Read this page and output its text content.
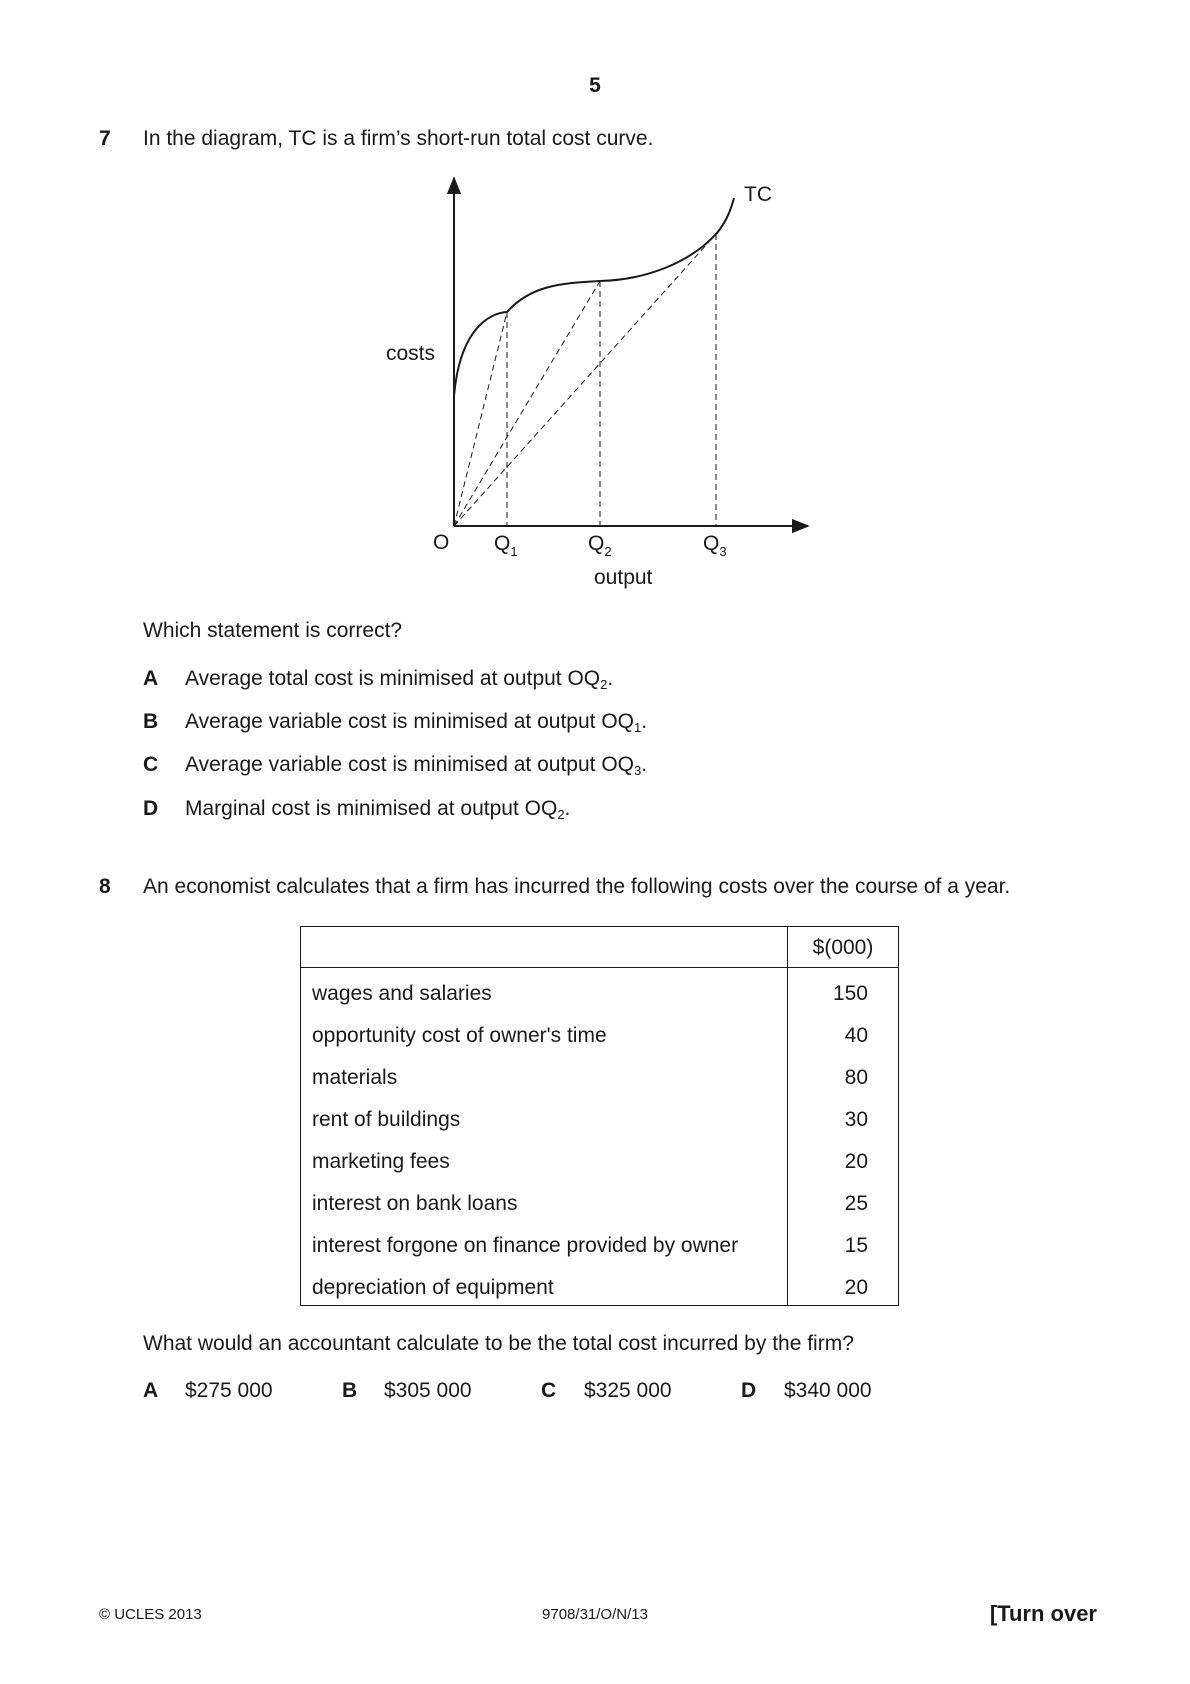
5
7 In the diagram, TC is a firm’s short-run total cost curve.
TC
costs
O $Q_1$	$Q_2$	$Q_3$
output
Which statement is correct?
A Average total cost is minimised at output $OQ_2$.
B Average variable cost is minimised at output $OQ_1$.
C Average variable cost is minimised at output $OQ_3$.
D Marginal cost is minimised at output $OQ_2$.
8 An economist calculates that a firm has incurred the following costs over the course of a year.
$(000)
wages and salaries	150
opportunity cost of owner's time	40
materials	80
rent of buildings	30
marketing fees	20
interest on bank loans	25
interest forgone on finance provided by owner	15
depreciation of equipment	20
What would an accountant calculate to be the total cost incurred by the firm?
A $275 000	B $305 000	C $325 000	D $340 000
© UCLES 2013	9708/31/O/N/13	[Turn over
